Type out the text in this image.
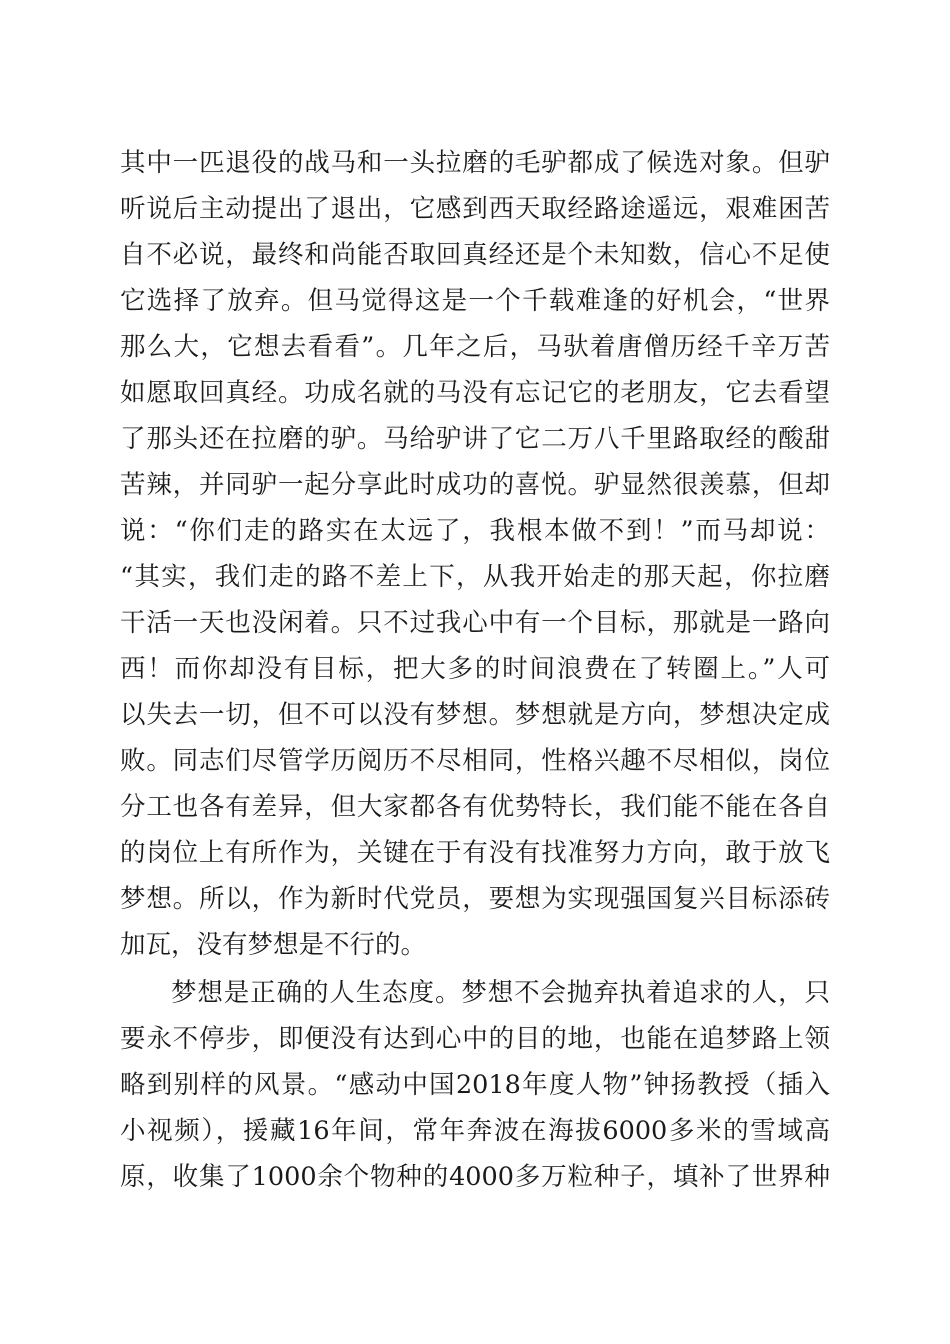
其中一匹退役的战马和一头拉磨的毛驴都成了候选对象。但驴
听说后主动提出了退出，它感到西天取经路途遥远，艰难困苦
自不必说，最终和尚能否取回真经还是个未知数，信心不足使
它选择了放弃。但马觉得这是一个千载难逢的好机会，“世界
那么大，它想去看看”。几年之后，马驮着唐僧历经千辛万苦
如愿取回真经。功成名就的马没有忘记它的老朋友，它去看望
了那头还在拉磨的驴。马给驴讲了它二万八千里路取经的酸甜
苦辣，并同驴一起分享此时成功的喜悦。驴显然很羡慕，但却
说：“你们走的路实在太远了，我根本做不到！”而马却说：
“其实，我们走的路不差上下，从我开始走的那天起，你拉磨
干活一天也没闲着。只不过我心中有一个目标，那就是一路向
西！而你却没有目标，把大多的时间浪费在了转圈上。”人可
以失去一切，但不可以没有梦想。梦想就是方向，梦想决定成
败。同志们尽管学历阅历不尽相同，性格兴趣不尽相似，岗位
分工也各有差异，但大家都各有优势特长，我们能不能在各自
的岗位上有所作为，关键在于有没有找准努力方向，敢于放飞
梦想。所以，作为新时代党员，要想为实现强国复兴目标添砖
加瓦，没有梦想是不行的。
梦想是正确的人生态度。梦想不会抛弃执着追求的人，只
要永不停步，即便没有达到心中的目的地，也能在追梦路上领
略到别样的风景。“感动中国2018年度人物”钟扬教授（插入
小视频），援藏16年间，常年奔波在海拔6000多米的雪域高
原，收集了1000余个物种的4000多万粒种子，填补了世界种
